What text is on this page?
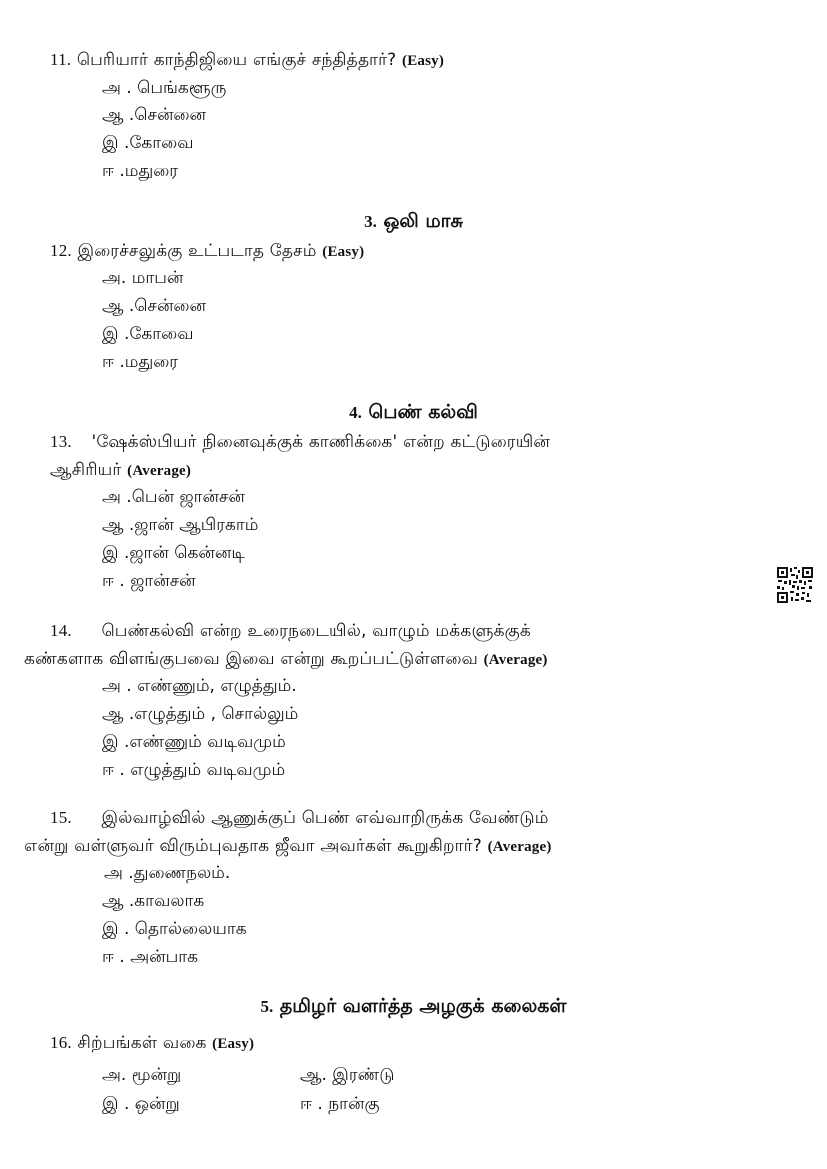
11. பெரியார் காந்திஜியை எங்குச் சந்தித்தார்? (Easy)
அ . பெங்களூரு
ஆ .சென்னை
இ .கோவை
ஈ .மதுரை
3. ஒலி மாசு
12. இரைச்சலுக்கு உட்படாத தேசம் (Easy)
அ. மாபன்
ஆ .சென்னை
இ .கோவை
ஈ .மதுரை
4. பெண் கல்வி
13. 'ஷேக்ஸ்பியர் நினைவுக்குக் காணிக்கை' என்ற கட்டுரையின்
ஆசிரியர் (Average)
அ .பென் ஜான்சன்
ஆ .ஜான் ஆபிரகாம்
இ .ஜான் கென்னடி
ஈ . ஜான்சன்
14. பெண்கல்வி என்ற உரைநடையில், வாழும் மக்களுக்குக்
கண்களாக விளங்குபவை இவை என்று கூறப்பட்டுள்ளவை (Average)
அ . எண்ணும், எழுத்தும்.
ஆ .எழுத்தும் , சொல்லும்
இ .எண்ணும் வடிவமும்
ஈ . எழுத்தும் வடிவமும்
15. இல்வாழ்வில் ஆணுக்குப் பெண் எவ்வாறிருக்க வேண்டும்
என்று வள்ளுவர் விரும்புவதாக ஜீவா அவர்கள் கூறுகிறார்? (Average)
அ .துணைநலம்.
ஆ .காவலாக
இ . தொல்லையாக
ஈ . அன்பாக
5. தமிழர் வளர்த்த அழகுக் கலைகள்
16. சிற்பங்கள் வகை (Easy)
அ. மூன்று	ஆ. இரண்டு
இ . ஒன்று	ஈ . நான்கு
